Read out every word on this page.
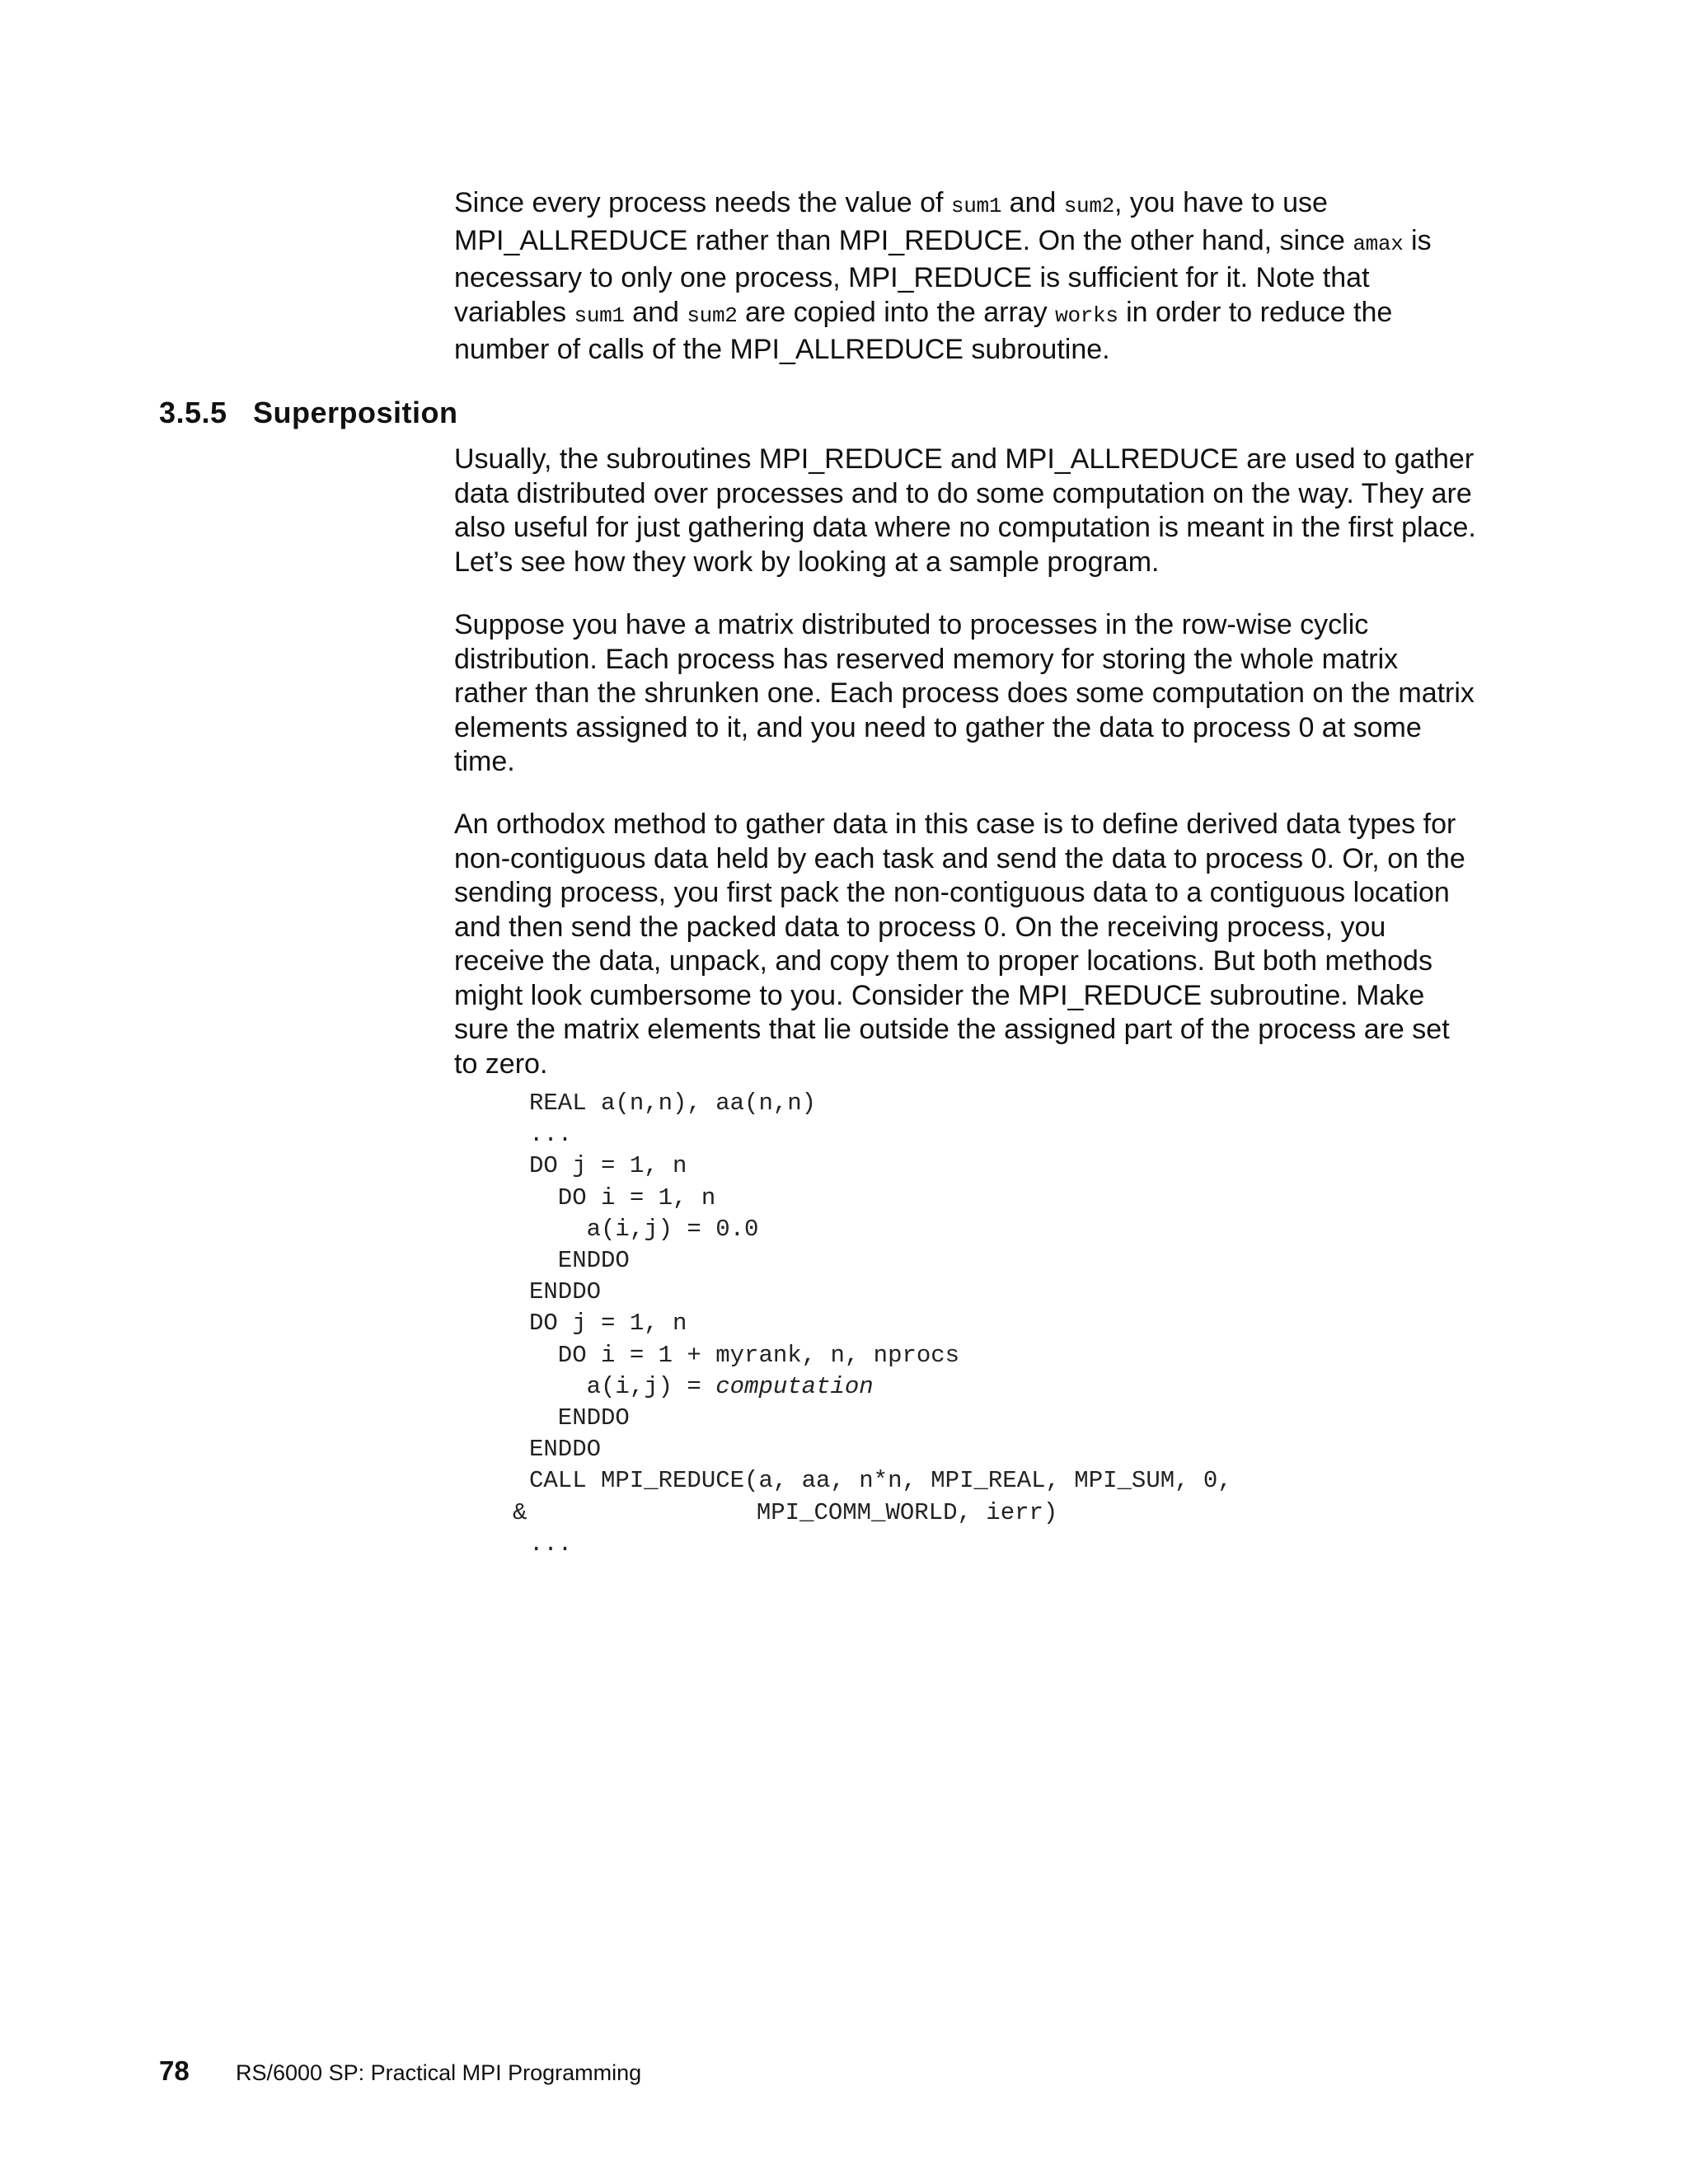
Since every process needs the value of sum1 and sum2, you have to use MPI_ALLREDUCE rather than MPI_REDUCE. On the other hand, since amax is necessary to only one process, MPI_REDUCE is sufficient for it. Note that variables sum1 and sum2 are copied into the array works in order to reduce the number of calls of the MPI_ALLREDUCE subroutine.

3.5.5 Superposition

Usually, the subroutines MPI_REDUCE and MPI_ALLREDUCE are used to gather data distributed over processes and to do some computation on the way. They are also useful for just gathering data where no computation is meant in the first place. Let’s see how they work by looking at a sample program.

Suppose you have a matrix distributed to processes in the row-wise cyclic distribution. Each process has reserved memory for storing the whole matrix rather than the shrunken one. Each process does some computation on the matrix elements assigned to it, and you need to gather the data to process 0 at some time.

An orthodox method to gather data in this case is to define derived data types for non-contiguous data held by each task and send the data to process 0. Or, on the sending process, you first pack the non-contiguous data to a contiguous location and then send the packed data to process 0. On the receiving process, you receive the data, unpack, and copy them to proper locations. But both methods might look cumbersome to you. Consider the MPI_REDUCE subroutine. Make sure the matrix elements that lie outside the assigned part of the process are set to zero.

REAL a(n,n), aa(n,n)
...
DO j = 1, n
DO i = 1, n
a(i,j) = 0.0
ENDDO
ENDDO
DO j = 1, n
DO i = 1 + myrank, n, nprocs
a(i,j) = computation
ENDDO
ENDDO
CALL MPI_REDUCE(a, aa, n*n, MPI_REAL, MPI_SUM, 0,
&                MPI_COMM_WORLD, ierr)
...
78 RS/6000 SP: Practical MPI Programming
